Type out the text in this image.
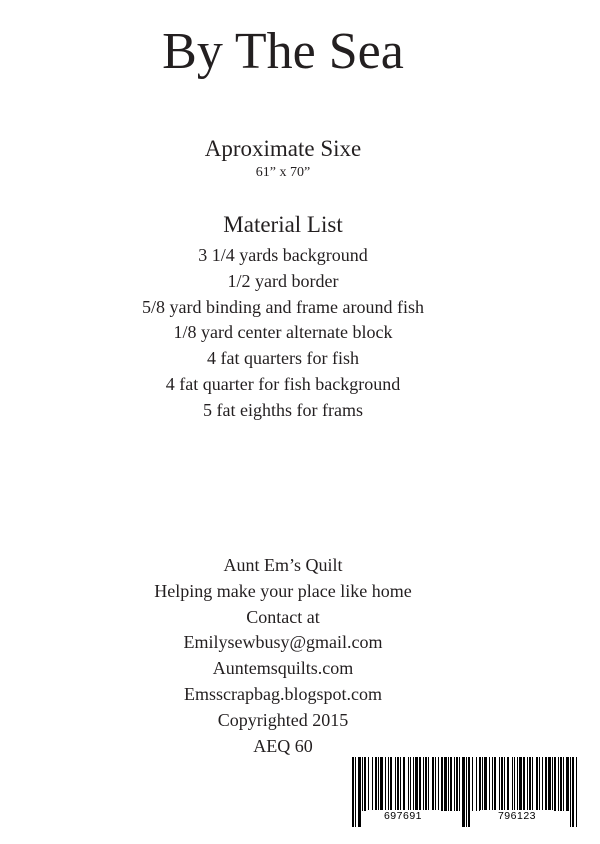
By The Sea
Aproximate Sixe
61” x 70”
Material List
3 1/4 yards background
1/2 yard border
5/8 yard binding and frame around fish
1/8 yard center alternate block
4 fat quarters for fish
4 fat quarter for fish background
5 fat eighths for frams
Aunt Em’s Quilt
Helping make your place like home
Contact at
Emilysewbusy@gmail.com
Auntemsquilts.com
Emsscrapbag.blogspot.com
Copyrighted 2015
AEQ 60
697691	796123
